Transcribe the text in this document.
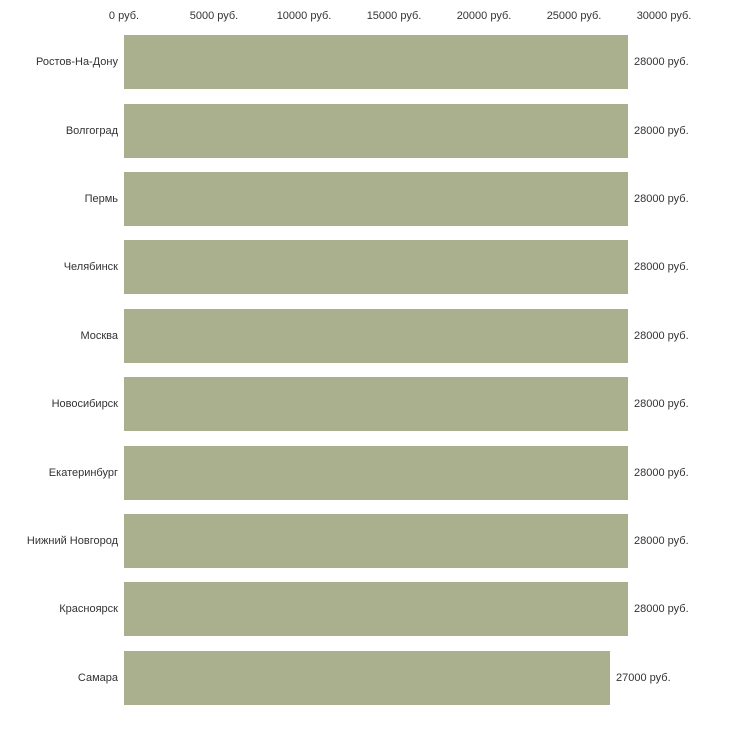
0 руб.	5000 руб.	10000 руб.	15000 руб.	20000 руб.	25000 руб.	30000 руб.
Ростов-На-Дону	28000 руб.
Волгоград	28000 руб.
Пермь	28000 руб.
Челябинск	28000 руб.
Москва	28000 руб.
Новосибирск	28000 руб.
Екатеринбург	28000 руб.
Нижний Новгород	28000 руб.
Красноярск	28000 руб.
Самара	27000 руб.
